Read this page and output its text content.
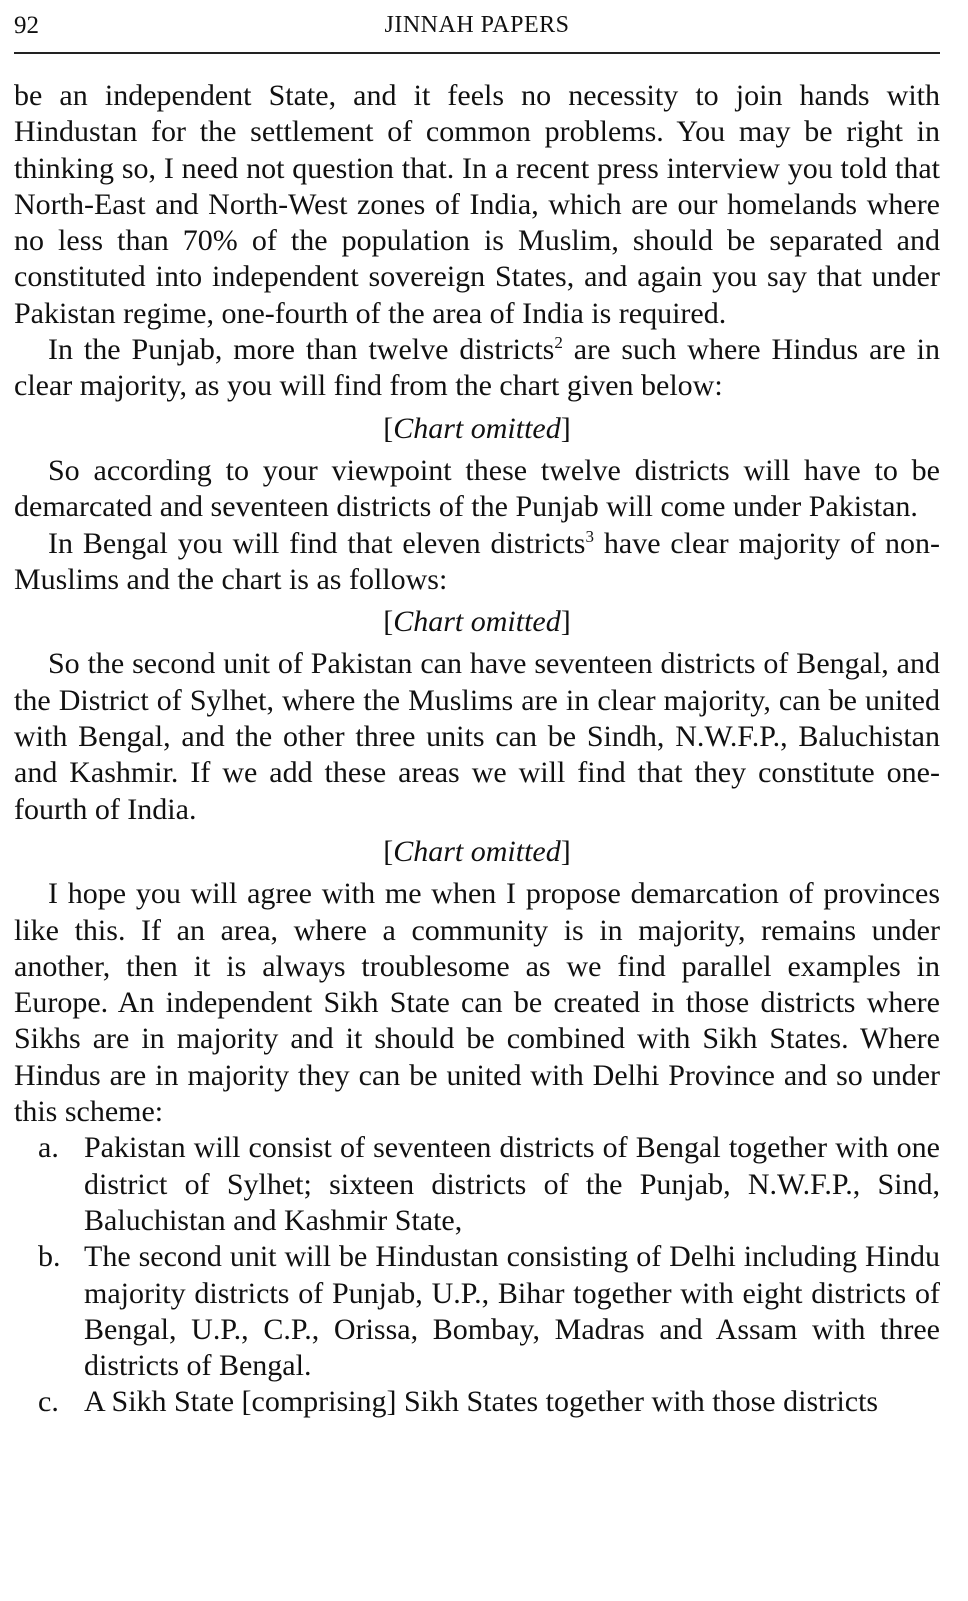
92	JINNAH PAPERS

be an independent State, and it feels no necessity to join hands with Hindustan for the settlement of common problems. You may be right in thinking so, I need not question that. In a recent press interview you told that North-East and North-West zones of India, which are our homelands where no less than 70% of the population is Muslim, should be separated and constituted into independent sovereign States, and again you say that under Pakistan regime, one-fourth of the area of India is required.

In the Punjab, more than twelve districts$^2$ are such where Hindus are in clear majority, as you will find from the chart given below:

[Chart omitted]

So according to your viewpoint these twelve districts will have to be demarcated and seventeen districts of the Punjab will come under Pakistan.

In Bengal you will find that eleven districts$^3$ have clear majority of non-Muslims and the chart is as follows:

[Chart omitted]

So the second unit of Pakistan can have seventeen districts of Bengal, and the District of Sylhet, where the Muslims are in clear majority, can be united with Bengal, and the other three units can be Sindh, N.W.F.P., Baluchistan and Kashmir. If we add these areas we will find that they constitute one-fourth of India.

[Chart omitted]

I hope you will agree with me when I propose demarcation of provinces like this. If an area, where a community is in majority, remains under another, then it is always troublesome as we find parallel examples in Europe. An independent Sikh State can be created in those districts where Sikhs are in majority and it should be combined with Sikh States. Where Hindus are in majority they can be united with Delhi Province and so under this scheme:

a. Pakistan will consist of seventeen districts of Bengal together with one district of Sylhet; sixteen districts of the Punjab, N.W.F.P., Sind, Baluchistan and Kashmir State,
b. The second unit will be Hindustan consisting of Delhi including Hindu majority districts of Punjab, U.P., Bihar together with eight districts of Bengal, U.P., C.P., Orissa, Bombay, Madras and Assam with three districts of Bengal.
c. A Sikh State [comprising] Sikh States together with those districts
